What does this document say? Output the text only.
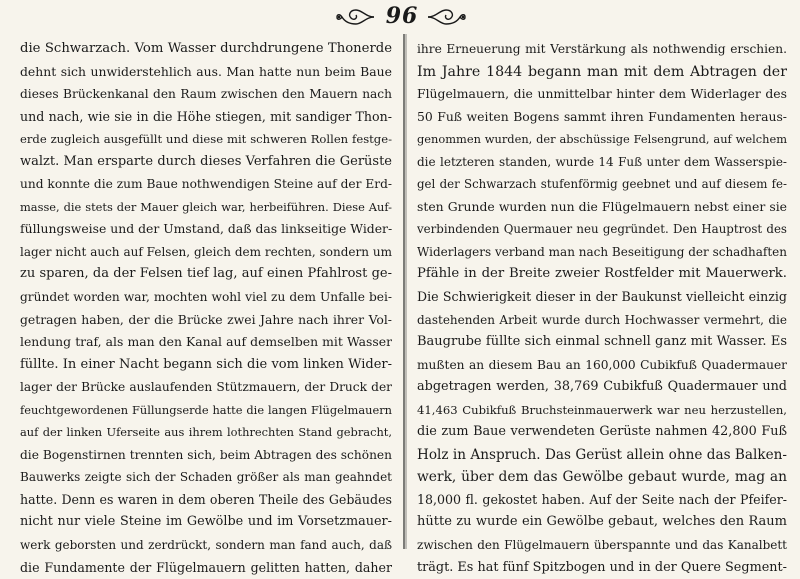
96
die Schwarzach. Vom Wasser durchdrungene Thonerde
dehnt sich unwiderstehlich aus. Man hatte nun beim Baue
dieses Brückenkanal den Raum zwischen den Mauern nach
und nach, wie sie in die Höhe stiegen, mit sandiger Thon-
erde zugleich ausgefüllt und diese mit schweren Rollen festge-
walzt. Man ersparte durch dieses Verfahren die Gerüste
und konnte die zum Baue nothwendigen Steine auf der Erd-
masse, die stets der Mauer gleich war, herbeiführen. Diese Auf-
füllungsweise und der Umstand, daß das linkseitige Wider-
lager nicht auch auf Felsen, gleich dem rechten, sondern um
zu sparen, da der Felsen tief lag, auf einen Pfahlrost ge-
gründet worden war, mochten wohl viel zu dem Unfalle bei-
getragen haben, der die Brücke zwei Jahre nach ihrer Vol-
lendung traf, als man den Kanal auf demselben mit Wasser
füllte. In einer Nacht begann sich die vom linken Wider-
lager der Brücke auslaufenden Stützmauern, der Druck der
feuchtgewordenen Füllungserde hatte die langen Flügelmauern
auf der linken Uferseite aus ihrem lothrechten Stand gebracht,
die Bogenstirnen trennten sich, beim Abtragen des schönen
Bauwerks zeigte sich der Schaden größer als man geahndet
hatte. Denn es waren in dem oberen Theile des Gebäudes
nicht nur viele Steine im Gewölbe und im Vorsetzmauer-
werk geborsten und zerdrückt, sondern man fand auch, daß
die Fundamente der Flügelmauern gelitten hatten, daher
ihre Erneuerung mit Verstärkung als nothwendig erschien.
Im Jahre 1844 begann man mit dem Abtragen der
Flügelmauern, die unmittelbar hinter dem Widerlager des
50 Fuß weiten Bogens sammt ihren Fundamenten heraus-
genommen wurden, der abschüssige Felsengrund, auf welchem
die letzteren standen, wurde 14 Fuß unter dem Wasserspie-
gel der Schwarzach stufenförmig geebnet und auf diesem fe-
sten Grunde wurden nun die Flügelmauern nebst einer sie
verbindenden Quermauer neu gegründet. Den Hauptrost des
Widerlagers verband man nach Beseitigung der schadhaften
Pfähle in der Breite zweier Rostfelder mit Mauerwerk.
Die Schwierigkeit dieser in der Baukunst vielleicht einzig
dastehenden Arbeit wurde durch Hochwasser vermehrt, die
Baugrube füllte sich einmal schnell ganz mit Wasser. Es
mußten an diesem Bau an 160,000 Cubikfuß Quadermauer
abgetragen werden, 38,769 Cubikfuß Quadermauer und
41,463 Cubikfuß Bruchsteinmauerwerk war neu herzustellen,
die zum Baue verwendeten Gerüste nahmen 42,800 Fuß
Holz in Anspruch. Das Gerüst allein ohne das Balken-
werk, über dem das Gewölbe gebaut wurde, mag an
18,000 fl. gekostet haben. Auf der Seite nach der Pfeifer-
hütte zu wurde ein Gewölbe gebaut, welches den Raum
zwischen den Flügelmauern überspannte und das Kanalbett
trägt. Es hat fünf Spitzbogen und in der Quere Segment-
